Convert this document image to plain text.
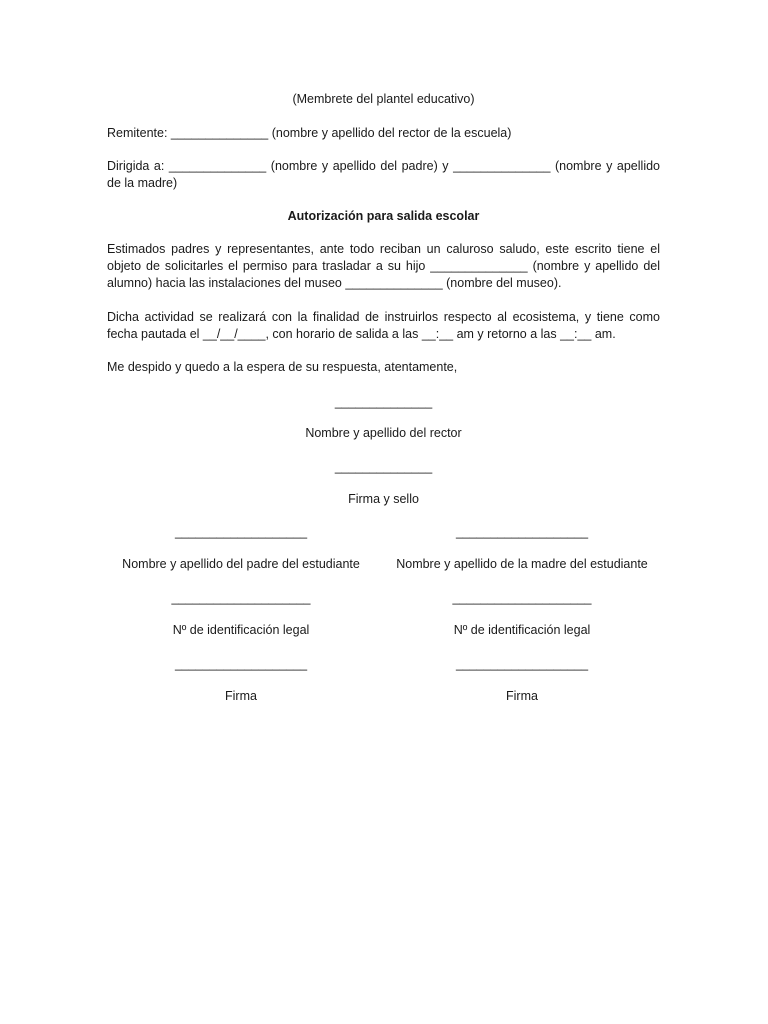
(Membrete del plantel educativo)

Remitente: ______________ (nombre y apellido del rector de la escuela)

Dirigida a: ______________ (nombre y apellido del padre) y ______________ (nombre y apellido de la madre)

Autorización para salida escolar

Estimados padres y representantes, ante todo reciban un caluroso saludo, este escrito tiene el objeto de solicitarles el permiso para trasladar a su hijo ______________ (nombre y apellido del alumno) hacia las instalaciones del museo ______________ (nombre del museo).

Dicha actividad se realizará con la finalidad de instruirlos respecto al ecosistema, y tiene como fecha pautada el __/__/____, con horario de salida a las __:__ am y retorno a las __:__ am.

Me despido y quedo a la espera de su respuesta, atentamente,

______________

Nombre y apellido del rector

______________

Firma y sello

___________________
Nombre y apellido del padre del estudiante
____________________
Nº de identificación legal
___________________
Firma
___________________
Nombre y apellido de la madre del estudiante
____________________
Nº de identificación legal
___________________
Firma
